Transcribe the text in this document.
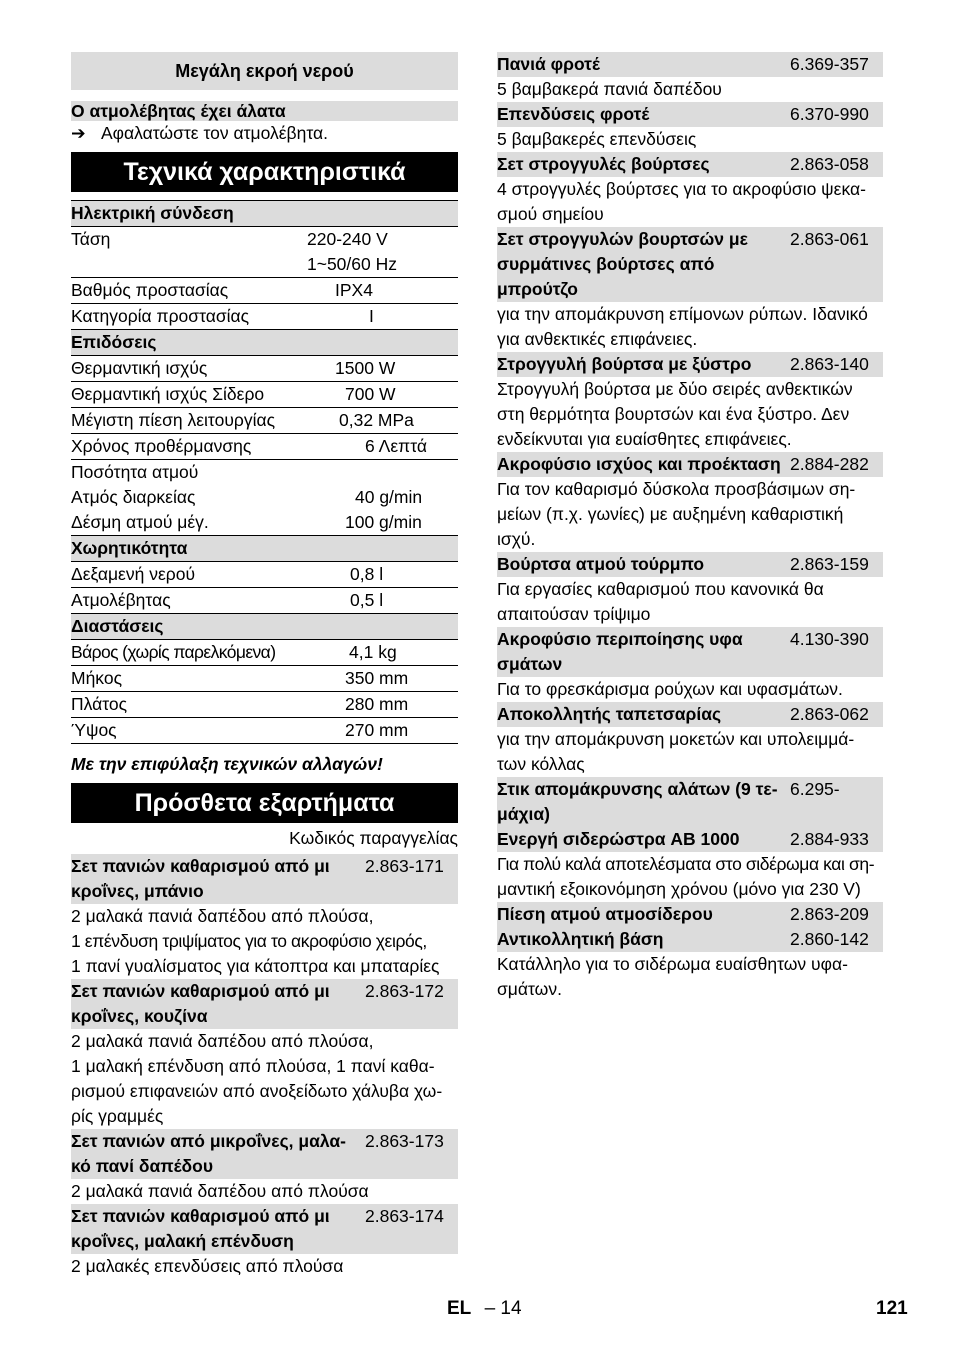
Μεγάλη εκροή νερού
Ο ατμολέβητας έχει άλατα
➔ Αφαλατώστε τον ατμολέβητα.
Τεχνικά χαρακτηριστικά
Ηλεκτρική σύνδεση
Τάση	220-240 V
1~50/60 Hz
Βαθμός προστασίας	IPX4
Κατηγορία προστασίας	I
Επιδόσεις
Θερμαντική ισχύς	1500 W
Θερμαντική ισχύς Σίδερο	700 W
Μέγιστη πίεση λειτουργίας	0,32 MPa
Χρόνος προθέρμανσης	6 Λεπτά
Ποσότητα ατμού
Ατμός διαρκείας	40 g/min
Δέσμη ατμού μέγ.	100 g/min
Χωρητικότητα
Δεξαμενή νερού	0,8 l
Ατμολέβητας	0,5 l
Διαστάσεις
Βάρος (χωρίς παρελκόμενα)	4,1 kg
Μήκος	350 mm
Πλάτος	280 mm
Ύψος	270 mm
Με την επιφύλαξη τεχνικών αλλαγών!
Πρόσθετα εξαρτήματα
Κωδικός παραγγελίας
Σετ πανιών καθαρισμού από μι	2.863-171
κροΐνες, μπάνιο
2 μαλακά πανιά δαπέδου από πλούσα,
1 επένδυση τριψίματος για το ακροφύσιο χειρός,
1 πανί γυαλίσματος για κάτοπτρα και μπαταρίες
Σετ πανιών καθαρισμού από μι	2.863-172
κροΐνες, κουζίνα
2 μαλακά πανιά δαπέδου από πλούσα,
1 μαλακή επένδυση από πλούσα, 1 πανί καθα-
ρισμού επιφανειών από ανοξείδωτο χάλυβα χω-
ρίς γραμμές
Σετ πανιών από μικροΐνες, μαλα-	2.863-173
κό πανί δαπέδου
2 μαλακά πανιά δαπέδου από πλούσα
Σετ πανιών καθαρισμού από μι	2.863-174
κροΐνες, μαλακή επένδυση
2 μαλακές επενδύσεις από πλούσα
Πανιά φροτέ	6.369-357
5 βαμβακερά πανιά δαπέδου
Επενδύσεις φροτέ	6.370-990
5 βαμβακερές επενδύσεις
Σετ στρογγυλές βούρτσες	2.863-058
4 στρογγυλές βούρτσες για το ακροφύσιο ψεκα-
σμού σημείου
Σετ στρογγυλών βουρτσών με	2.863-061
συρμάτινες βούρτσες από
μπρούτζο
για την απομάκρυνση επίμονων ρύπων. Ιδανικό
για ανθεκτικές επιφάνειες.
Στρογγυλή βούρτσα με ξύστρο	2.863-140
Στρογγυλή βούρτσα με δύο σειρές ανθεκτικών
στη θερμότητα βουρτσών και ένα ξύστρο. Δεν
ενδείκνυται για ευαίσθητες επιφάνειες.
Ακροφύσιο ισχύος και προέκταση 2.884-282
Για τον καθαρισμό δύσκολα προσβάσιμων ση-
μείων (π.χ. γωνίες) με αυξημένη καθαριστική
ισχύ.
Βούρτσα ατμού τούρμπο	2.863-159
Για εργασίες καθαρισμού που κανονικά θα
απαιτούσαν τρίψιμο
Ακροφύσιο περιποίησης υφα	4.130-390
σμάτων
Για το φρεσκάρισμα ρούχων και υφασμάτων.
Αποκολλητής ταπετσαρίας	2.863-062
για την απομάκρυνση μοκετών και υπολειμμά-
των κόλλας
Στικ απομάκρυνσης αλάτων (9 τε- 6.295-
μάχια)
Ενεργή σιδερώστρα AB 1000	2.884-933
Για πολύ καλά αποτελέσματα στο σιδέρωμα και ση-
μαντική εξοικονόμηση χρόνου (μόνο για 230 V)
Πίεση ατμού ατμοσίδερου	2.863-209
Αντικολλητική βάση	2.860-142
Κατάλληλο για το σιδέρωμα ευαίσθητων υφα-
σμάτων.
EL – 14	121
